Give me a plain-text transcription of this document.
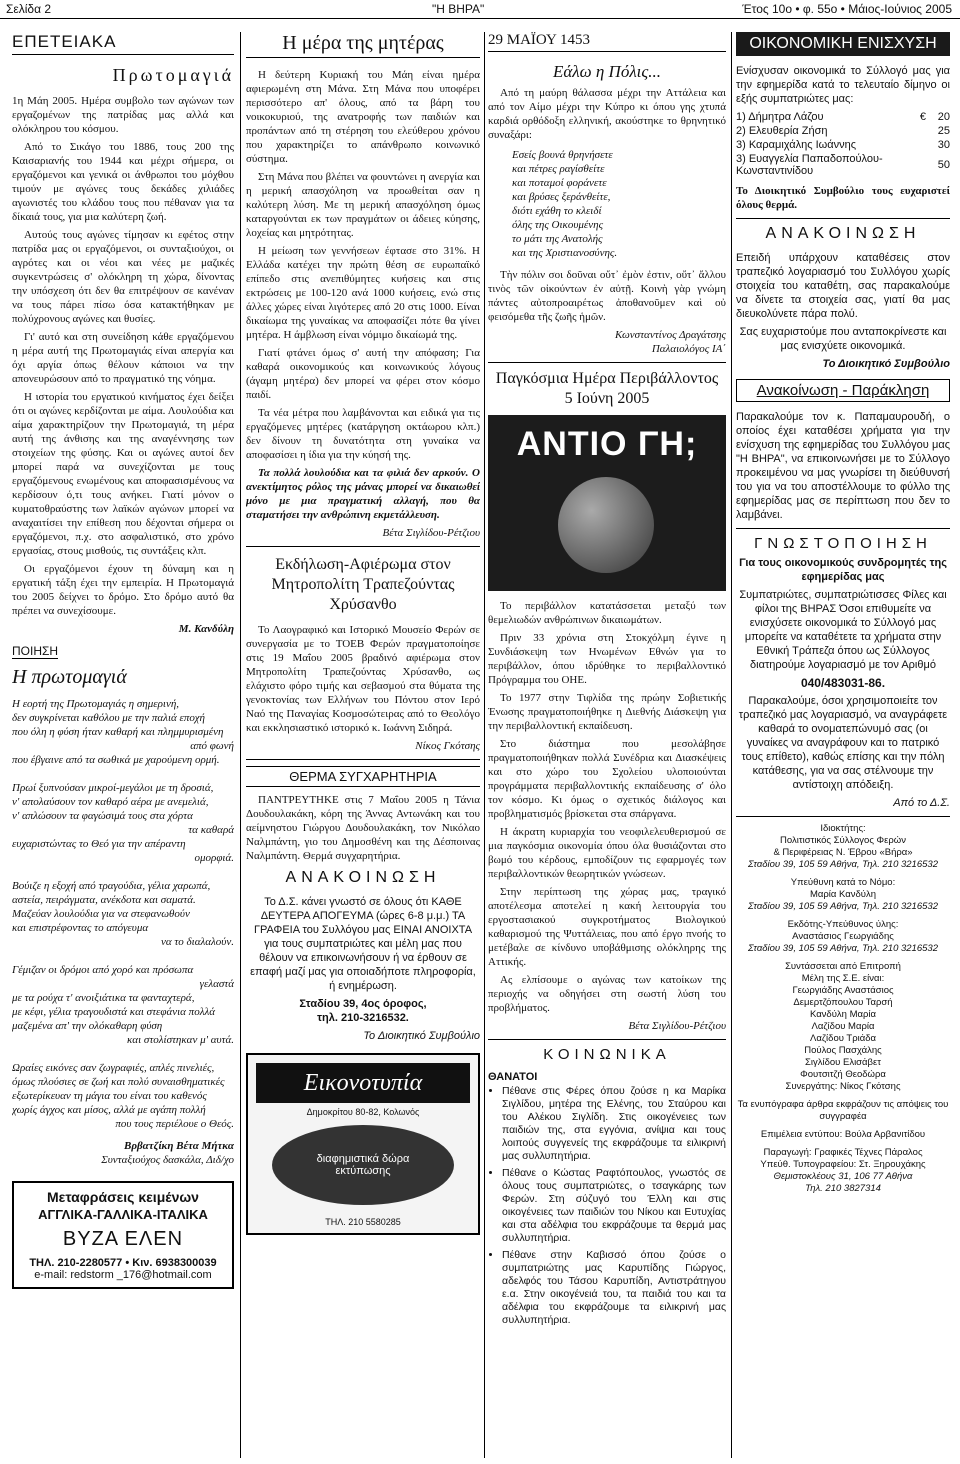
Σελίδα 2	"Η ΒΗΡΑ"	Έτος 10ο • φ. 55ο • Μάιος-Ιούνιος 2005
ΕΠΕΤΕΙΑΚΑ
Πρωτομαγιά

1η Μάη 2005. Ημέρα συμβολο των αγώνων των εργαζομένων της πατρίδας μας αλλά και ολόκληρου του κόσμου.

Από το Σικάγο του 1886, τους 200 της Καισαριανής του 1944 και μέχρι σήμερα, οι εργαζόμενοι και γενικά οι άνθρωποι του μόχθου τιμούν με αγώνες τους δεκάδες χιλιάδες αγωνιστές του κλάδου τους που πέθαναν για τα δίκαιά τους, για μια καλύτερη ζωή.

Αυτούς τους αγώνες τίμησαν κι εφέτος στην πατρίδα μας οι εργαζόμενοι, οι συνταξιούχοι, οι αγρότες και οι νέοι και νέες με μαζικές συγκεντρώσεις σ' ολόκληρη τη χώρα, δίνοντας την υπόσχεση ότι δεν θα επιτρέψουν σε κανέναν να τους πάρει πίσω όσα κατακτήθηκαν με πολύχρονους αγώνες και θυσίες.

Γι' αυτό και στη συνείδηση κάθε εργαζόμενου η μέρα αυτή της Πρωτομαγιάς είναι απεργία και όχι αργία όπως θέλουν κάποιοι να την απονευρώσουν από το πραγματικό της νόημα.

Η ιστορία του εργατικού κινήματος έχει δείξει ότι οι αγώνες κερδίζονται με αίμα. Λουλούδια και αίμα χαρακτηρίζουν την Πρωτομαγιά, τη μέρα αυτή της άνθισης και της αναγέννησης των στοιχείων της φύσης. Και οι αγώνες αυτοί δεν μπορεί παρά να συνεχίζονται με τους εργαζόμενους ενωμένους και αποφασισμένους να κερδίσουν ό,τι τους ανήκει. Γιατί μόνον ο κυματοθραύστης των λαϊκών αγώνων μπορεί να αναχαιτίσει την επίθεση που δέχονται σήμερα οι εργαζόμενοι, π.χ. στο ασφαλιστικό, στο χρόνο εργασίας, στους μισθούς, τις συντάξεις κλπ.

Οι εργαζόμενοι έχουν τη δύναμη και η εργατική τάξη έχει την εμπειρία. Η Πρωτομαγιά του 2005 δείχνει το δρόμο. Στο δρόμο αυτό θα πρέπει να συνεχίσουμε.

Μ. Κανδύλη

ΠΟΙΗΣΗ
Η πρωτομαγιά

Η εορτή της Πρωτομαγιάς η σημερινή,

δεν συγκρίνεται καθόλου με την παλιά εποχή

που όλη η φύση ήταν καθαρή και πλημμυρισμένη

από φωνή

που έβγαινε από τα σωθικά με χαρούμενη ορμή.

Πρωί ξυπνούσαν μικροί-μεγάλοι με τη δροσιά,

ν' απολαύσουν τον καθαρό αέρα με ανεμελιά,

ν' απλώσουν τα φαγώσιμά τους στα χόρτα

τα καθαρά

ευχαριστώντας το Θεό για την απέραντη

ομορφιά.

Βούιζε η εξοχή από τραγούδια, γέλια χαρωπά,

αστεία, πειράγματα, ανέκδοτα και σαματά.

Μαζεύαν λουλούδια για να στεφανωθούν

και επιστρέφοντας το απόγευμα

να το διαλαλούν.

Γέμιζαν οι δρόμοι από χορό και πρόσωπα

γελαστά

με τα ρούχα τ' ανοιξιάτικα τα φανταχτερά,

με κέφι, γέλια τραγουδιστά και στεφάνια πολλά

μαζεμένα απ' την ολόκαθαρη φύση

και στολίστηκαν μ' αυτά.

Ωραίες εικόνες σαν ζωγραφιές, απλές πινελιές,

όμως πλούσιες σε ζωή και πολύ συναισθηματικές

εξωτερίκευαν τη μάγια του είναι του καθενός

χωρίς άγχος και μίσος, αλλά με αγάπη πολλή

που τους περιέλουε ο Θεός.

Βρβατζίκη Βέτα Μήτκα

Συνταξιούχος δασκάλα, Διδ/χο

Μεταφράσεις κειμένων
ΑΓΓΛΙΚΑ-ΓΑΛΛΙΚΑ-ΙΤΑΛΙΚΑ
ΒΥΖΑ ΕΛΕΝ
ΤΗΛ. 210-2280577 • Κιν. 6938300039
e-mail: redstorm _176@hotmail.com
Η μέρα της μητέρας

Η δεύτερη Κυριακή του Μάη είναι ημέρα αφιερωμένη στη Μάνα. Στη Μάνα που υποφέρει περισσότερο απ' όλους, από τα βάρη του νοικοκυριού, της ανατροφής των παιδιών και προπάντων από τη στέρηση του ελεύθερου χρόνου που χαρακτηρίζει το απάνθρωπο κοινωνικό σύστημα.

Στη Μάνα που βλέπει να φουντώνει η ανεργία και η μερική απασχόληση να προωθείται σαν η καλύτερη λύση. Με τη μερική απασχόληση όμως καταργούνται εκ των πραγμάτων οι άδειες κύησης, λοχείας και μητρότητας.

Η μείωση των γεννήσεων έφτασε στο 31%. Η Ελλάδα κατέχει την πρώτη θέση σε ευρωπαϊκό επίπεδο στις ανεπιθύμητες κυήσεις και στις εκτρώσεις με 100-120 ανά 1000 κυήσεις, ενώ στις άλλες χώρες είναι λιγότερες από 20 στις 1000. Είναι δικαίωμα της γυναίκας να αποφασίζει πότε θα γίνει μητέρα. Η άμβλωση είναι νόμιμο δικαίωμά της.

Γιατί φτάνει όμως σ' αυτή την απόφαση; Για καθαρά οικονομικούς και κοινωνικούς λόγους (άγαμη μητέρα) δεν μπορεί να φέρει στον κόσμο παιδί.

Τα νέα μέτρα που λαμβάνονται και ειδικά για τις εργαζόμενες μητέρες (κατάργηση οκτάωρου κλπ.) δεν δίνουν τη δυνατότητα στη γυναίκα να αποφασίσει η ίδια για την κύησή της.

Τα πολλά λουλούδια και τα φιλιά δεν αρκούν. Ο ανεκτίμητος ρόλος της μάνας μπορεί να δικαιωθεί μόνο με μια πραγματική αλλαγή, που θα σταματήσει την ανθρώπινη εκμετάλλευση.

Βέτα Σιγλίδου-Ρέτζιου

Εκδήλωση-Αφιέρωμα στον Μητροπολίτη Τραπεζούντας Χρύσανθο

Το Λαογραφικό και Ιστορικό Μουσείο Φερών σε συνεργασία με το ΤΟΕΒ Φερών πραγματοποίησε στις 19 Μαΐου 2005 βραδινό αφιέρωμα στον Μητροπολίτη Τραπεζούντας Χρύσανθο, ως ελάχιστο φόρο τιμής και σεβασμού στα θύματα της γενοκτονίας των Ελλήνων του Πόντου στον Ιερό Ναό της Παναγίας Κοσμοσώτειρας από το Θεολόγο και εκκλησιαστικό ιστορικό κ. Ιωάννη Σιδηρά.

Νίκος Γκότσης

ΘΕΡΜΑ ΣΥΓΧΑΡΗΤΗΡΙΑ

ΠΑΝΤΡΕΥΤΗΚΕ στις 7 Μαΐου 2005 η Τάνια Δουδουλακάκη, κόρη της Άννας Αντωνάκη και του αείμνηστου Γιώργου Δουδουλακάκη, τον Νικόλαο Ναλμπάντη, γιο του Δημοσθένη και της Δέσποινας Ναλμπάντη. Θερμά συγχαρητήρια.

ΑΝΑΚΟΙΝΩΣΗ

Το Δ.Σ. κάνει γνωστό σε όλους ότι ΚΑΘΕ ΔΕΥΤΕΡΑ ΑΠΟΓΕΥΜΑ (ώρες 6-8 μ.μ.) ΤΑ ΓΡΑΦΕΙΑ του Συλλόγου μας ΕΙΝΑΙ ΑΝΟΙΧΤΑ για τους συμπατριώτες και μέλη μας που θέλουν να επικοινωνήσουν ή να έρθουν σε επαφή μαζί μας για οποιαδήποτε πληροφορία, ή ενημέρωση.

Σταδίου 39, 4ος όροφος,

τηλ. 210-3216532.

Το Διοικητικό Συμβούλιο

Εικονοτυπία
Δημοκρίτου 80-82, Κολωνός
διαφημιστικά δώρα εκτύπωσης
ΤΗΛ. 210 5580285
29 ΜΑΪΟΥ 1453
Εάλω η Πόλις...

Από τη μαύρη θάλασσα μέχρι την Αττάλεια και από τον Αίμο μέχρι την Κύπρο κι όπου γης χτυπά καρδιά ορθόδοξη ελληνική, ακούστηκε το θρηνητικό συναξάρι:

Εσείς βουνά θρηνήσετε

και πέτρες ραγίσθείτε

και ποταμοί φοράνετε

και βρύσες ξεράνθείτε,

διότι εχάθη το κλειδί

όλης της Οικουμένης

το μάτι της Ανατολής

και της Χριστιανοσύνης.

Τὴν πόλιν σοι δοῦναι οὔτ᾽ ἐμὸν ἐστιν, οὔτ᾽ ἄλλου τινὸς τῶν οἰκούντων ἐν αὐτῇ. Κοινὴ γὰρ γνώμη πάντες αὐτοπροαιρέτως ἀποθανοῦμεν καὶ οὐ φεισόμεθα τῆς ζωῆς ἡμῶν.

Κωνσταντίνος Δραγάτσης

Παλαιολόγος ΙΑ΄

Παγκόσμια Ημέρα Περιβάλλοντος
5 Ιούνη 2005
ΑΝΤΙΟ ΓΗ;

Το περιβάλλον κατατάσσεται μεταξύ των θεμελιωδών ανθρώπινων δικαιωμάτων.

Πριν 33 χρόνια στη Στοκχόλμη έγινε η Συνδιάσκεψη των Ηνωμένων Εθνών για το περιβάλλον, όπου ιδρύθηκε το περιβαλλοντικό Πρόγραμμα του ΟΗΕ.

Το 1977 στην Τιφλίδα της πρώην Σοβιετικής Ένωσης πραγματοποιήθηκε η Διεθνής Διάσκεψη για την περιβαλλοντική εκπαίδευση.

Στο διάστημα που μεσολάβησε πραγματοποιήθηκαν πολλά Συνέδρια και Διασκέψεις και στο χώρο του Σχολείου υλοποιούνται προγράμματα περιβαλλοντικής εκπαίδευσης σ' όλο τον κόσμο. Κι όμως ο σχετικός διάλογος και προβληματισμός βρίσκεται στα σπάργανα.

Η άκρατη κυριαρχία του νεοφιλελευθερισμού σε μια παγκόσμια οικονομία όπου όλα θυσιάζονται στο βωμό του κέρδους, εμποδίζουν τις εφαρμογές των περιβαλλοντικών θεωρητικών γνώσεων.

Στην περίπτωση της χώρας μας, τραγικό αποτέλεσμα αποτελεί η κακή λειτουργία του εργοστασιακού συγκροτήματος Βιολογικού καθαρισμού της Ψυττάλειας, που από έργο πνοής το μετέβαλε σε κίνδυνο υποβάθμισης ολόκληρης της Αττικής.

Ας ελπίσουμε ο αγώνας των κατοίκων της περιοχής να οδηγήσει στη σωστή λύση του προβλήματος.

Βέτα Σιγλίδου-Ρέτζιου

ΚΟΙΝΩΝΙΚΑ
ΘΑΝΑΤΟΙ
• Πέθανε στις Φέρες όπου ζούσε η κα Μαρίκα Σιγλίδου, μητέρα της Ελένης, του Σταύρου και του Αλέκου Σιγλίδη. Στις οικογένειες των παιδιών της, στα εγγόνια, ανίψια και τους λοιπούς συγγενείς της εκφράζουμε τα ειλικρινή μας συλλυπητήρια.
• Πέθανε ο Κώστας Ραφτόπουλος, γνωστός σε όλους τους συμπατριώτες, ο τσαγκάρης των Φερών. Στη σύζυγό του Έλλη και στις οικογένειες των παιδιών του Νίκου και Ευτυχίας και στα αδέλφια του εκφράζουμε τα θερμά μας συλλυπητήρια.
• Πέθανε στην Καβισσό όπου ζούσε ο συμπατριώτης μας Καρυπίδης Γιώργος, αδελφός του Τάσου Καρυπίδη, Αντιστράτηγου ε.α. Στην οικογένειά του, τα παιδιά του και τα αδέλφια του εκφράζουμε τα ειλικρινή μας συλλυπητήρια.
ΟΙΚΟΝΟΜΙΚΗ ΕΝΙΣΧΥΣΗ

Ενίσχυσαν οικονομικά το Σύλλογό μας για την εφημερίδα κατά το τελευταίο δίμηνο οι εξής συμπατριώτες μας:

1) Δήμητρα Λάζου	€	20
2) Ελευθερία Ζήση		25
3) Καραμιχάλης Ιωάννης		30
3) Ευαγγελία Παπαδοπούλου-Κωνσταντινίδου		50

Το Διοικητικό Συμβούλιο τους ευχαριστεί όλους θερμά.

ΑΝΑΚΟΙΝΩΣΗ

Επειδή υπάρχουν καταθέσεις στον τραπεζικό λογαριασμό του Συλλόγου χωρίς στοιχεία του καταθέτη, σας παρακαλούμε να δίνετε τα στοιχεία σας, γιατί θα μας διευκολύνετε πάρα πολύ.

Σας ευχαριστούμε που ανταποκρίνεστε και μας ενισχύετε οικονομικά.

Το Διοικητικό Συμβούλιο

Ανακοίνωση - Παράκληση

Παρακαλούμε τον κ. Παπαμαυρουδή, ο οποίος έχει καταθέσει χρήματα για την ενίσχυση της εφημερίδας του Συλλόγου μας "Η ΒΗΡΑ", να επικοινωνήσει με το Σύλλογο προκειμένου να μας γνωρίσει τη διεύθυνσή του για να του αποστέλλουμε το φύλλο της εφημερίδας μας σε περίπτωση που δεν το λαμβάνει.

ΓΝΩΣΤΟΠΟΙΗΣΗ

Για τους οικονομικούς συνδρομητές της εφημερίδας μας

Συμπατριώτες, συμπατριώτισσες Φίλες και φίλοι της ΒΗΡΑΣ Όσοι επιθυμείτε να ενισχύσετε οικονομικά το Σύλλογό μας μπορείτε να καταθέτετε τα χρήματα στην Εθνική Τράπεζα όπου ως Σύλλογος διατηρούμε λογαριασμό με τον Αριθμό

040/483031-86.

Παρακαλούμε, όσοι χρησιμοποιείτε τον τραπεζικό μας λογαριασμό, να αναγράφετε καθαρά το ονοματεπώνυμό σας (οι γυναίκες να αναγράφουν και το πατρικό τους επίθετο), καθώς επίσης και την πόλη κατάθεσης, για να σας στέλνουμε την αντίστοιχη απόδειξη.

Από το Δ.Σ.

Ιδιοκτήτης:
Πολιτιστικός Σύλλογος Φερών
& Περιφέρειας Ν. Έβρου «Βήρα»
Σταδίου 39, 105 59 Αθήνα, Τηλ. 210 3216532
Υπεύθυνη κατά το Νόμο:
Μαρία Κανδύλη
Σταδίου 39, 105 59 Αθήνα, Τηλ. 210 3216532
Εκδότης-Υπεύθυνος ύλης:
Αναστάσιος Γεωργιάδης
Σταδίου 39, 105 59 Αθήνα, Τηλ. 210 3216532
Συντάσσεται από Επιτροπή
Μέλη της Σ.Ε. είναι:
Γεωργιάδης Αναστάσιος
Δεμερτζόπουλου Ταρσή
Κανδύλη Μαρία
Λαζίδου Μαρία
Λαζίδου Τριάδα
Πούλος Πασχάλης
Σιγλίδου Ελισάβετ
Φουτσιτζή Θεοδώρα
Συνεργάτης: Νίκος Γκότσης
Τα ενυπόγραφα άρθρα εκφράζουν τις απόψεις του συγγραφέα
Επιμέλεια εντύπου: Βούλα Αρβανιτίδου
Παραγωγή: Γραφικές Τέχνες Πάραλος
Υπεύθ. Τυπογραφείου: Στ. Ξηρουχάκης
Θεμιστοκλέους 31, 106 77 Αθήνα
Τηλ. 210 3827314
